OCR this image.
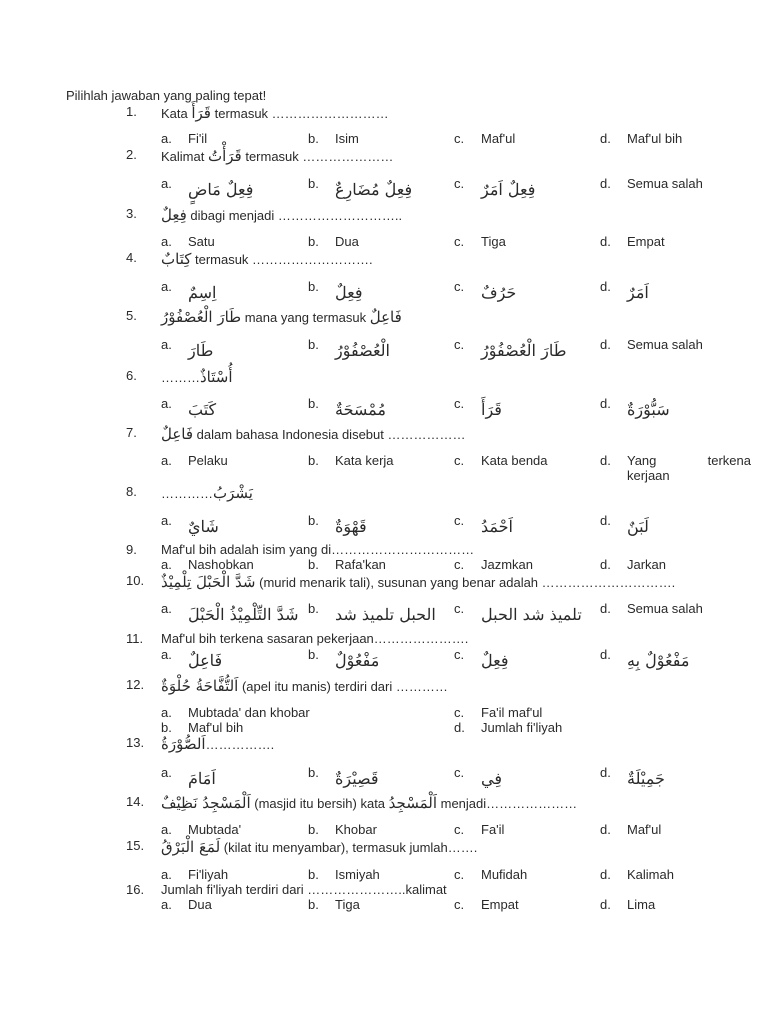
Pilihlah jawaban yang paling tepat!
1.	Kata قَرَأَ termasuk ………………………
a. Fi'il	b. Isim	c. Maf'ul	d. Maf'ul bih
2.	Kalimat قَرَأْتُ termasuk …………………
a. فِعِلٌ مَاضٍ	b. فِعِلٌ مُضَارِعٌ	c. فِعِلٌ اَمَرٌ	d. Semua salah
3.	فِعِلٌ dibagi menjadi ………………………..
a. Satu	b. Dua	c. Tiga	d. Empat
4.	كِتَابٌ termasuk ……………………….
a. اِسِمٌ	b. فِعِلٌ	c. حَرُفٌ	d. اَمَرٌ
5.	طَارَ الْعُصْفُوْرُ mana yang termasuk فَاعِلٌ
a. طَارَ	b. الْعُصْفُوْرُ	c. طَارَ الْعُصْفُوْرُ	d. Semua salah
6.	………أُسْتَاذٌ
a. كَتَبَ	b. مُمْسَحَةٌ	c. قَرَأَ	d. سَبُّوْرَةٌ
7.	فَاعِلٌ dalam bahasa Indonesia disebut ………………
a. Pelaku	b. Kata kerja	c. Kata benda	d. Yang terkena
kerjaan
8.	…………يَشْرَبُ
a. شَايٌ	b. قَهْوَةٌ	c. اَحْمَدُ	d. لَبَنٌ
9.	Maf'ul bih adalah isim yang di……………………………
a. Nashobkan	b. Rafa'kan	c. Jazmkan	d. Jarkan
10.	شَدَّ الْحَبْلَ تِلْمِيْذٌ (murid menarik tali), susunan yang benar adalah ………………………….
a. شَدَّ التِّلْمِيْذُ الْحَبْلَ b. الحبل تلميذ شد c. تلميذ شد الحبل d. Semua salah
11.	Maf'ul bih terkena sasaran pekerjaan………………….
a. فَاعِلٌ	b. مَفْعُوْلٌ	c. فِعِلٌ	d. مَفْعُوْلٌ بِهِ
12.	اَلتُّفَّاحَةُ حُلْوَةٌ (apel itu manis) terdiri dari …………
a. Mubtada' dan khobar	c. Fa'il maf'ul
b. Maf'ul bih	d. Jumlah fi'liyah
13.	اَلصُّوْرَةُ…………….
a. اَمَامَ	b. قَصِيْرَةٌ	c. فِي	d. جَمِيْلَةٌ
14.	اَلْمَسْجِدُ نَظِيْفٌ (masjid itu bersih) kata اَلْمَسْجِدُ menjadi…………………
a. Mubtada'	b. Khobar	c. Fa'il	d. Maf'ul
15.	لَمَعَ الْبَرْقُ (kilat itu menyambar), termasuk jumlah…….
a. Fi'liyah	b. Ismiyah	c. Mufidah	d. Kalimah
16.	Jumlah fi'liyah terdiri dari …………………..kalimat
a. Dua	b. Tiga	c. Empat	d. Lima
